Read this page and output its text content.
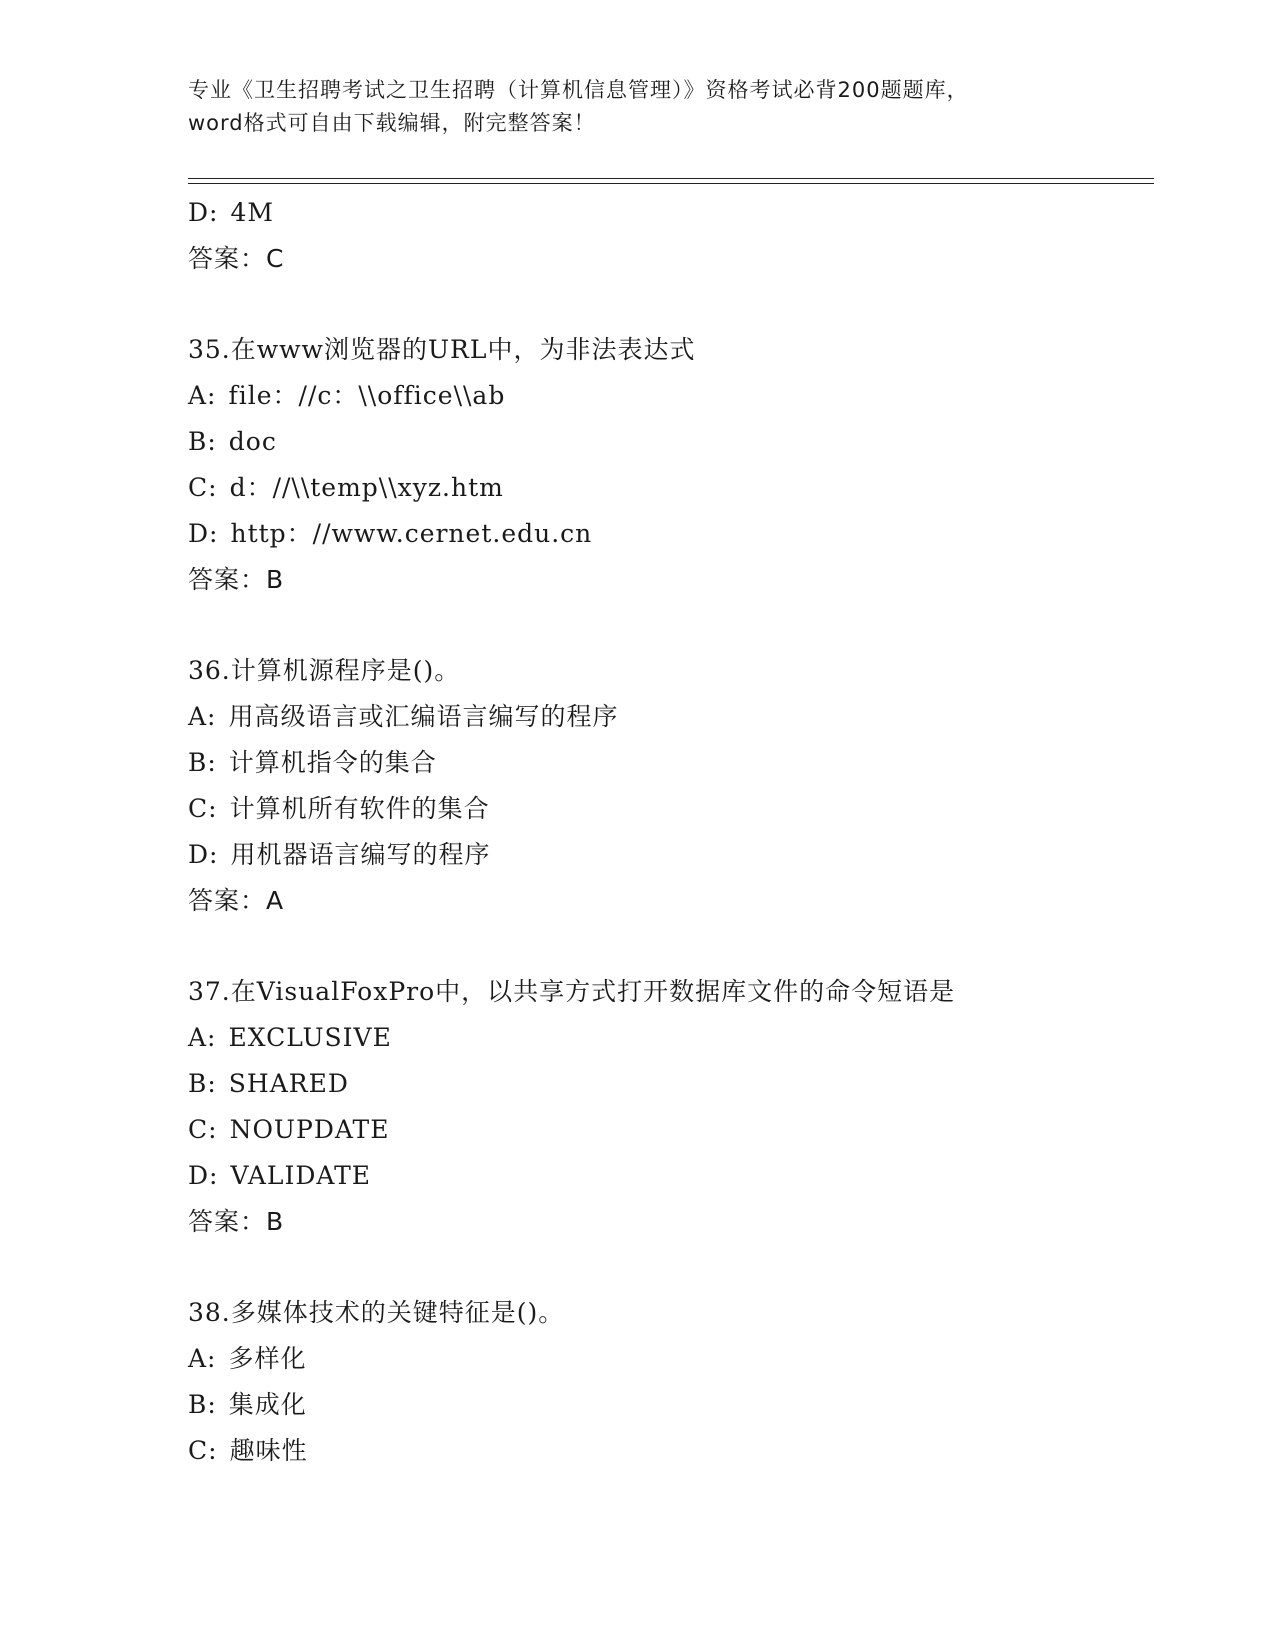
专业《卫生招聘考试之卫生招聘（计算机信息管理）》资格考试必背200题题库，
word格式可自由下载编辑，附完整答案！
D: 4M
答案：C
35.在www浏览器的URL中，为非法表达式
A: file：//c：\\office\\ab
B: doc
C: d：//\\temp\\xyz.htm
D: http：//www.cernet.edu.cn
答案：B
36.计算机源程序是()。
A: 用高级语言或汇编语言编写的程序
B: 计算机指令的集合
C: 计算机所有软件的集合
D: 用机器语言编写的程序
答案：A
37.在VisualFoxPro中，以共享方式打开数据库文件的命令短语是
A: EXCLUSIVE
B: SHARED
C: NOUPDATE
D: VALIDATE
答案：B
38.多媒体技术的关键特征是()。
A: 多样化
B: 集成化
C: 趣味性
